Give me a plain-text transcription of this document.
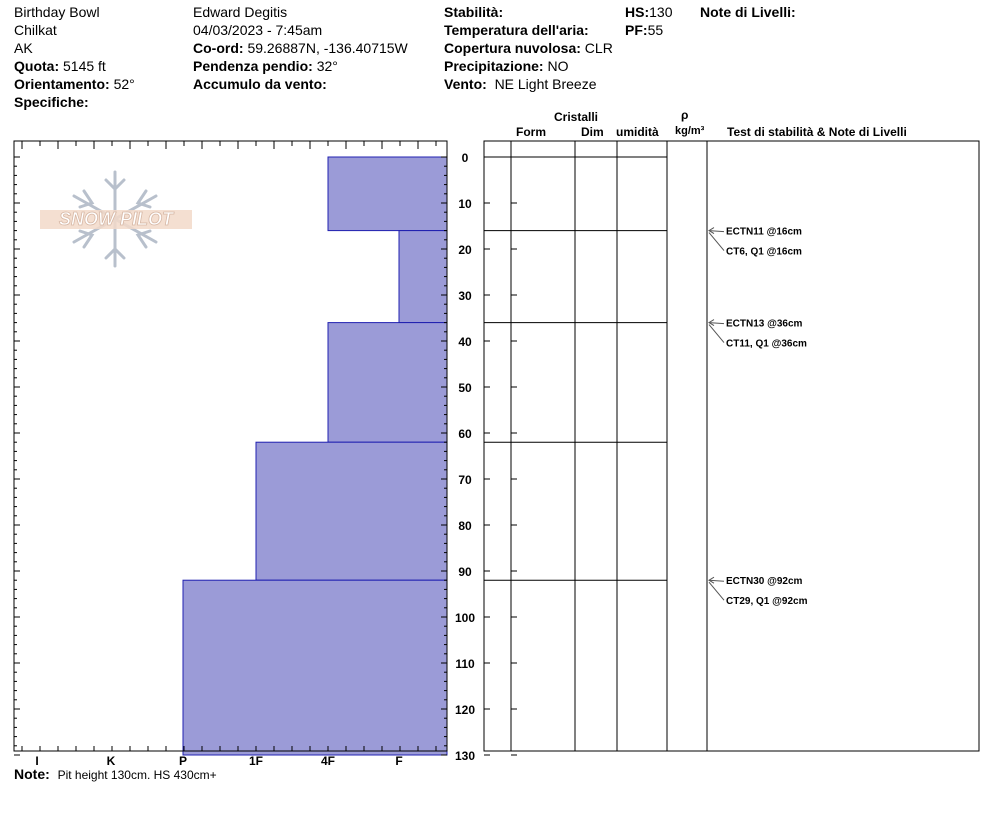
Birthday Bowl
Chilkat
AK
Quota: 5145 ft
Orientamento: 52°
Specifiche:
Edward Degitis
04/03/2023 - 7:45am
Co-ord: 59.26887N, -136.40715W
Pendenza pendio: 32°
Accumulo da vento:
Stabilità:
Temperatura dell'aria:
Copertura nuvolosa: CLR
Precipitazione: NO
Vento: NE Light Breeze
HS:130
PF:55
Note di Livelli:
Cristalli
Form	Dim umidità
ρ
kg/m³ Test di stabilità & Note di Livelli
SNOW PILOT
0
10
20
30
40
50
60
70
80
90
100
110
120
130
I	K	P	1F	4F	F
ECTN11 @16cm
CT6, Q1 @16cm
ECTN13 @36cm
CT11, Q1 @36cm
ECTN30 @92cm
CT29, Q1 @92cm
Note: Pit height 130cm. HS 430cm+
